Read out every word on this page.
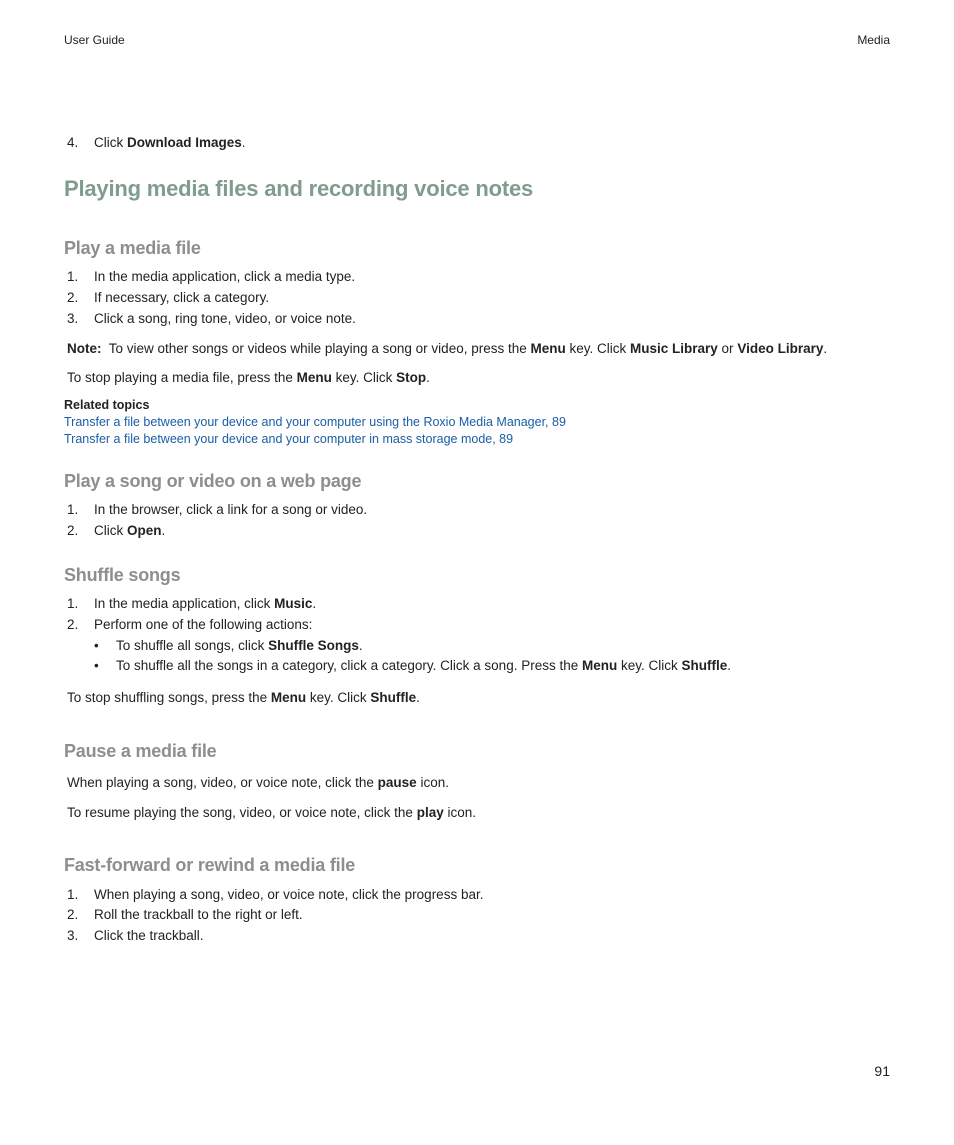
User Guide	Media
4. Click Download Images.
Playing media files and recording voice notes
Play a media file
1. In the media application, click a media type.
2. If necessary, click a category.
3. Click a song, ring tone, video, or voice note.
Note:  To view other songs or videos while playing a song or video, press the Menu key. Click Music Library or Video Library.
To stop playing a media file, press the Menu key. Click Stop.
Related topics
Transfer a file between your device and your computer using the Roxio Media Manager, 89
Transfer a file between your device and your computer in mass storage mode, 89
Play a song or video on a web page
1. In the browser, click a link for a song or video.
2. Click Open.
Shuffle songs
1. In the media application, click Music.
2. Perform one of the following actions:
• To shuffle all songs, click Shuffle Songs.
• To shuffle all the songs in a category, click a category. Click a song. Press the Menu key. Click Shuffle.
To stop shuffling songs, press the Menu key. Click Shuffle.
Pause a media file
When playing a song, video, or voice note, click the pause icon.
To resume playing the song, video, or voice note, click the play icon.
Fast-forward or rewind a media file
1. When playing a song, video, or voice note, click the progress bar.
2. Roll the trackball to the right or left.
3. Click the trackball.
91
